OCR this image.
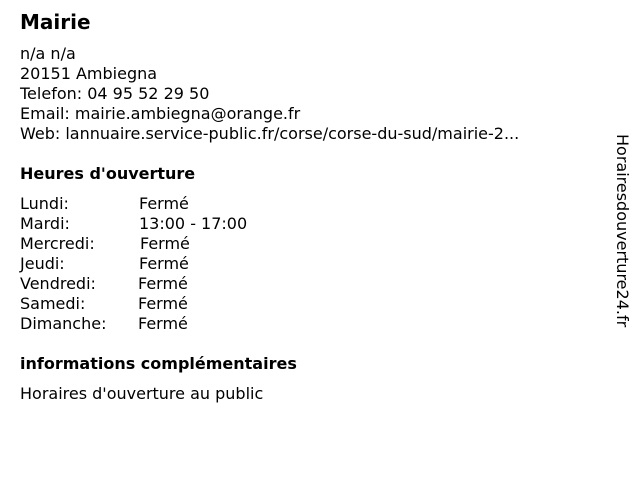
Mairie
n/a n/a
20151 Ambiegna
Telefon: 04 95 52 29 50
Email: mairie.ambiegna@orange.fr
Web: lannuaire.service-public.fr/corse/corse-du-sud/mairie-2...
Heures d'ouverture
Lundi:	Fermé
Mardi:	13:00 - 17:00
Mercredi:	Fermé
Jeudi:	Fermé
Vendredi:	Fermé
Samedi:	Fermé
Dimanche: Fermé
informations complémentaires
Horaires d'ouverture au public
Horairesdouverture24.fr
